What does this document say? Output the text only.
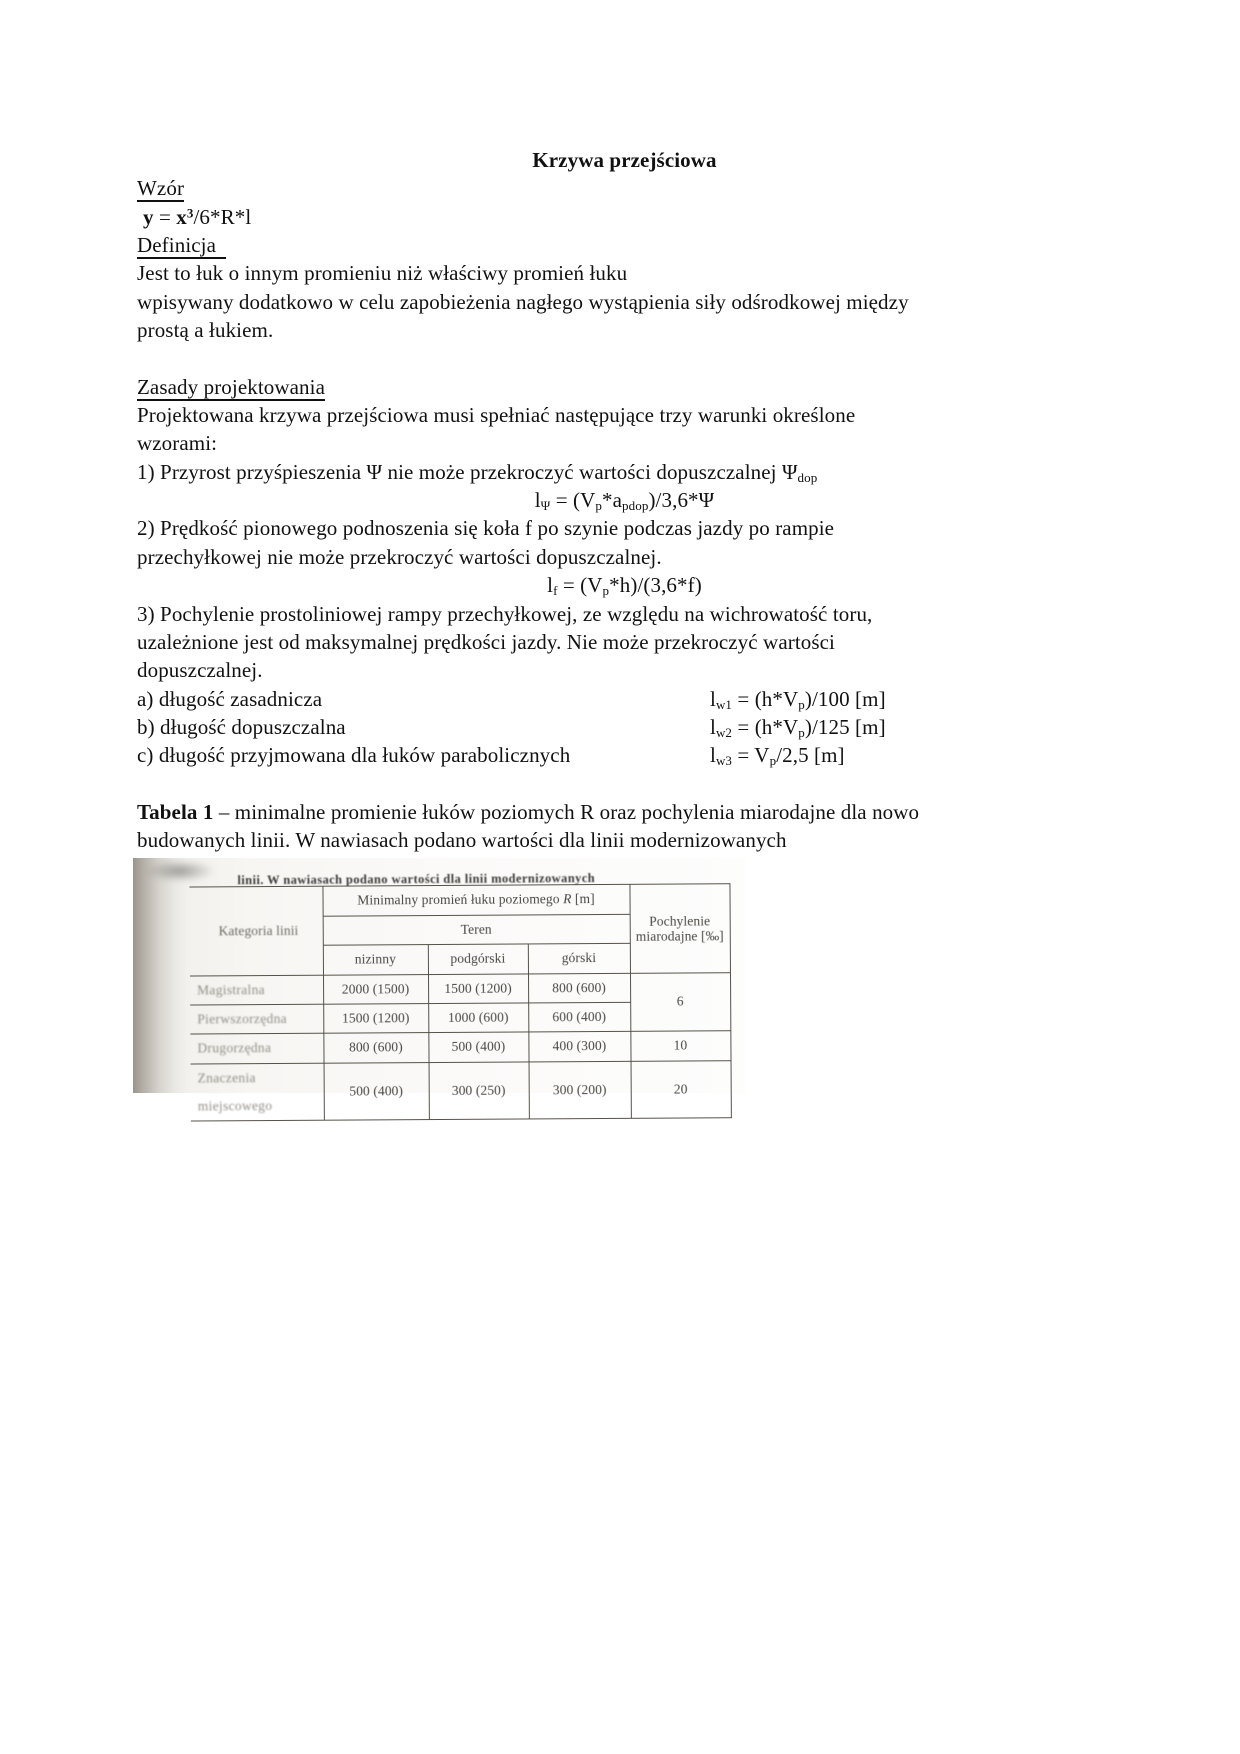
Krzywa przejściowa
Wzór
$y = x^3/6*R*l$
Definicja
Jest to łuk o innym promieniu niż właściwy promień łuku
wpisywany dodatkowo w celu zapobieżenia nagłego wystąpienia siły odśrodkowej między
prostą a łukiem.
Zasady projektowania
Projektowana krzywa przejściowa musi spełniać następujące trzy warunki określone
wzorami:
1) Przyrost przyśpieszenia Ψ nie może przekroczyć wartości dopuszczalnej $\Psi_{dop}$
$l_\Psi = (V_p*a_{pdop})/3,6*\Psi$
2) Prędkość pionowego podnoszenia się koła f po szynie podczas jazdy po rampie
przechyłkowej nie może przekroczyć wartości dopuszczalnej.
$l_f = (V_p*h)/(3,6*f)$
3) Pochylenie prostoliniowej rampy przechyłkowej, ze względu na wichrowatość toru,
uzależnione jest od maksymalnej prędkości jazdy. Nie może przekroczyć wartości
dopuszczalnej.
a) długość zasadnicza	$l_{w1} = (h*V_p)/100$ [m]
b) długość dopuszczalna	$l_{w2} = (h*V_p)/125$ [m]
c) długość przyjmowana dla łuków parabolicznych	$l_{w3} = V_p/2,5$ [m]
Tabela 1 – minimalne promienie łuków poziomych R oraz pochylenia miarodajne dla nowo
budowanych linii. W nawiasach podano wartości dla linii modernizowanych
linii. W nawiasach podano wartości dla linii modernizowanych
Kategoria linii	Minimalny promień łuku poziomego R [m]			Pochylenie miarodajne [‰]
	Teren			
	nizinny	podgórski	górski	
Magistralna	2000 (1500)	1500 (1200)	800 (600)	6
Pierwszorzędna	1500 (1200)	1000 (600)	600 (400)	
Drugorzędna	800 (600)	500 (400)	400 (300)	10
Znaczenia miejscowego	500 (400)	300 (250)	300 (200)	20
